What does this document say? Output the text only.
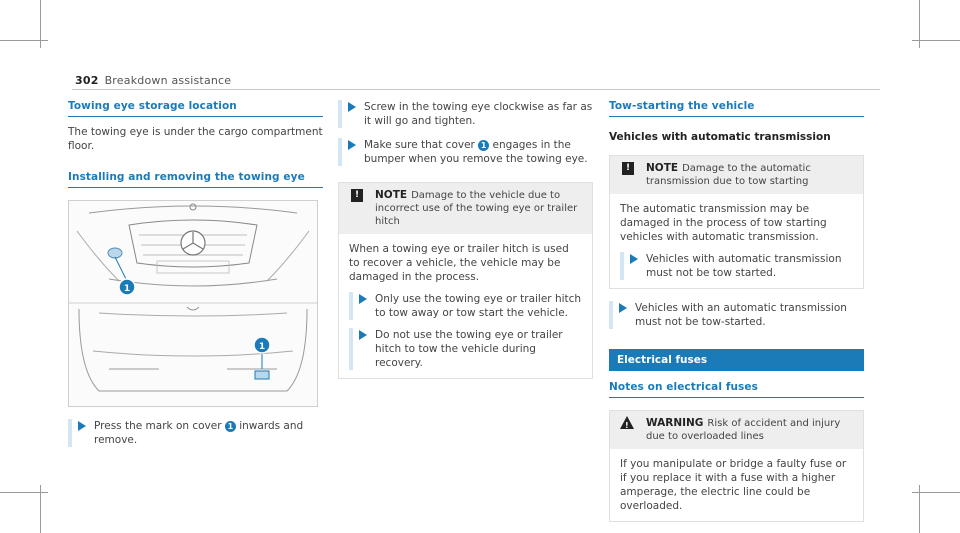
302 Breakdown assistance
Towing eye storage location
The towing eye is under the cargo compartment floor.
Installing and removing the towing eye
1
1
Press the mark on cover 1 inwards and remove.
Screw in the towing eye clockwise as far as it will go and tighten.
Make sure that cover 1 engages in the bumper when you remove the towing eye.
!	NOTE Damage to the vehicle due to incorrect use of the towing eye or trailer hitch
When a towing eye or trailer hitch is used to recover a vehicle, the vehicle may be damaged in the process.
Only use the towing eye or trailer hitch to tow away or tow start the vehicle.
Do not use the towing eye or trailer hitch to tow the vehicle during recovery.
Tow-starting the vehicle
Vehicles with automatic transmission
!	NOTE Damage to the automatic transmission due to tow starting
The automatic transmission may be damaged in the process of tow starting vehicles with automatic transmission.
Vehicles with automatic transmission must not be tow started.
Vehicles with an automatic transmission must not be tow-started.
Electrical fuses
Notes on electrical fuses
! WARNING Risk of accident and injury due to overloaded lines
If you manipulate or bridge a faulty fuse or if you replace it with a fuse with a higher amperage, the electric line could be overloaded.
